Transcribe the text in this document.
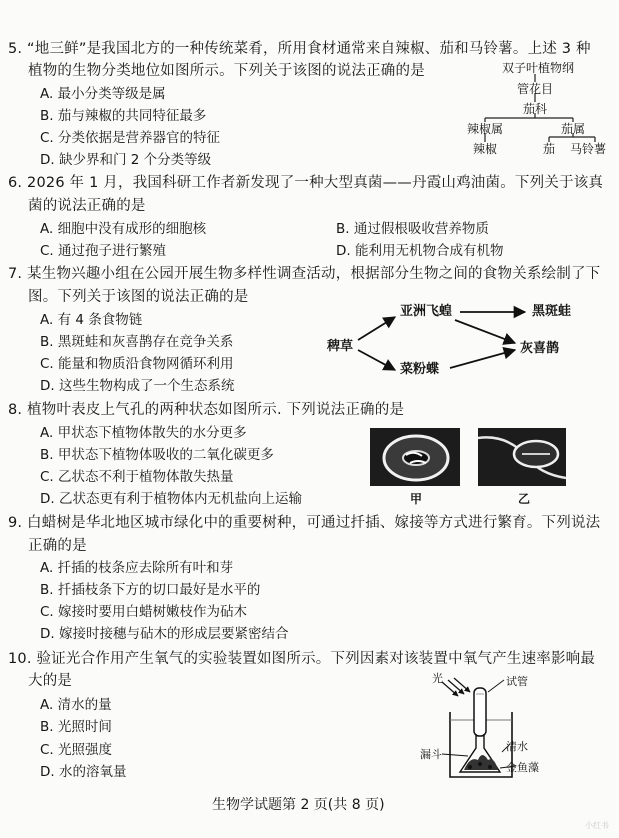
5. “地三鲜”是我国北方的一种传统菜肴，所用食材通常来自辣椒、茄和马铃薯。上述 3 种
植物的生物分类地位如图所示。下列关于该图的说法正确的是
A. 最小分类等级是属
B. 茄与辣椒的共同特征最多
C. 分类依据是营养器官的特征
D. 缺少界和门 2 个分类等级
双子叶植物纲
管花目
茄科
辣椒属	茄属
辣椒	茄 马铃薯
6. 2026 年 1 月，我国科研工作者新发现了一种大型真菌——丹霞山鸡油菌。下列关于该真
菌的说法正确的是
A. 细胞中没有成形的细胞核	B. 通过假根吸收营养物质
C. 通过孢子进行繁殖	D. 能利用无机物合成有机物
7. 某生物兴趣小组在公园开展生物多样性调查活动，根据部分生物之间的食物关系绘制了下
图。下列关于该图的说法正确的是
A. 有 4 条食物链
B. 黑斑蛙和灰喜鹊存在竞争关系
C. 能量和物质沿食物网循环利用
D. 这些生物构成了一个生态系统
稗草
亚洲飞蝗
菜粉蝶
黑斑蛙
灰喜鹊
8. 植物叶表皮上气孔的两种状态如图所示. 下列说法正确的是
A. 甲状态下植物体散失的水分更多
B. 甲状态下植物体吸收的二氧化碳更多
C. 乙状态不利于植物体散失热量
D. 乙状态更有利于植物体内无机盐向上运输	甲	乙
9. 白蜡树是华北地区城市绿化中的重要树种，可通过扦插、嫁接等方式进行繁育。下列说法
正确的是
A. 扦插的枝条应去除所有叶和芽
B. 扦插枝条下方的切口最好是水平的
C. 嫁接时要用白蜡树嫩枝作为砧木
D. 嫁接时接穗与砧木的形成层要紧密结合
10. 验证光合作用产生氧气的实验装置如图所示。下列因素对该装置中氧气产生速率影响最
大的是
A. 清水的量
B. 光照时间
C. 光照强度
D. 水的溶氧量
光	试管
漏斗
清水
金鱼藻
生物学试题第 2 页(共 8 页)
小红书
